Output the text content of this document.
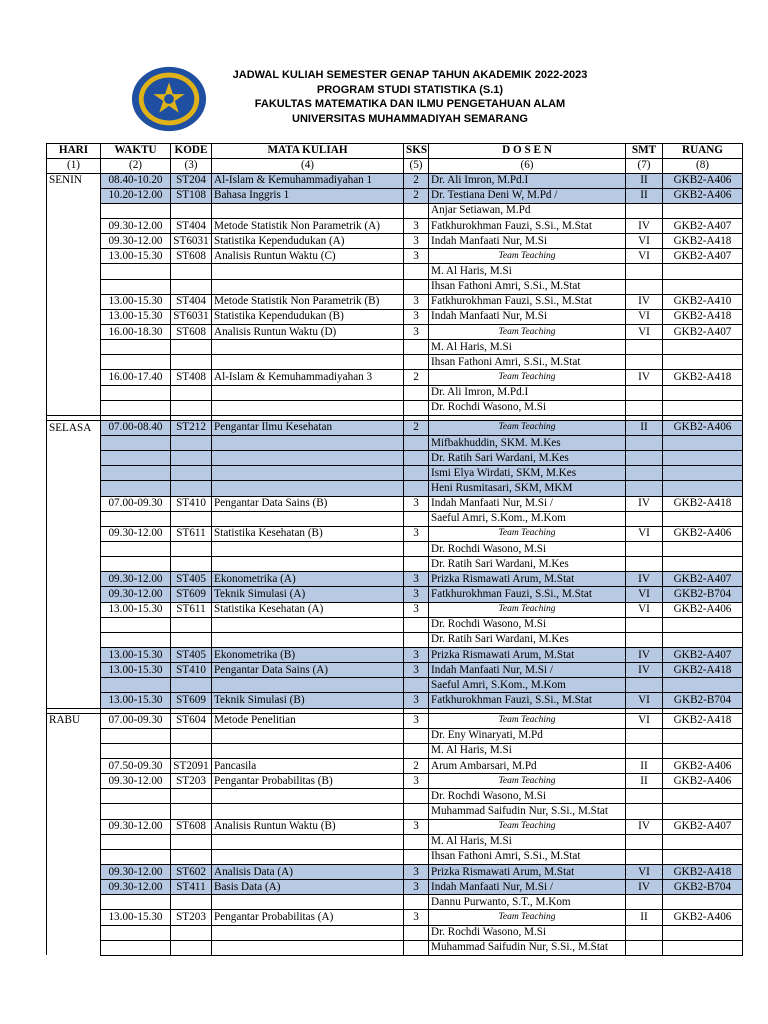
JADWAL KULIAH SEMESTER GENAP TAHUN AKADEMIK 2022-2023
PROGRAM STUDI STATISTIKA (S.1)
FAKULTAS MATEMATIKA DAN ILMU PENGETAHUAN ALAM
UNIVERSITAS MUHAMMADIYAH SEMARANG
HARI	WAKTU	KODE	MATA KULIAH	SKS	D O S E N	SMT	RUANG
(1)	(2)	(3)	(4)	(5)	(6)	(7)	(8)
SENIN	08.40-10.20	ST204	Al-Islam & Kemuhammadiyahan 1	2	Dr. Ali Imron, M.Pd.I	II	GKB2-A406
	10.20-12.00	ST108	Bahasa Inggris 1	2	Dr. Testiana Deni W, M.Pd /	II	GKB2-A406
					Anjar Setiawan, M.Pd		
	09.30-12.00	ST404	Metode Statistik Non Parametrik (A)	3	Fatkhurokhman Fauzi, S.Si., M.Stat	IV	GKB2-A407
	09.30-12.00	ST6031	Statistika Kependudukan (A)	3	Indah Manfaati Nur, M.Si	VI	GKB2-A418
	13.00-15.30	ST608	Analisis Runtun Waktu (C)	3	Team Teaching	VI	GKB2-A407
					M. Al Haris, M.Si		
					Ihsan Fathoni Amri, S.Si., M.Stat		
	13.00-15.30	ST404	Metode Statistik Non Parametrik (B)	3	Fatkhurokhman Fauzi, S.Si., M.Stat	IV	GKB2-A410
	13.00-15.30	ST6031	Statistika Kependudukan (B)	3	Indah Manfaati Nur, M.Si	VI	GKB2-A418
	16.00-18.30	ST608	Analisis Runtun Waktu (D)	3	Team Teaching	VI	GKB2-A407
					M. Al Haris, M.Si		
					Ihsan Fathoni Amri, S.Si., M.Stat		
	16.00-17.40	ST408	Al-Islam & Kemuhammadiyahan 3	2	Team Teaching	IV	GKB2-A418
					Dr. Ali Imron, M.Pd.I		
					Dr. Rochdi Wasono, M.Si		

SELASA	07.00-08.40	ST212	Pengantar Ilmu Kesehatan	2	Team Teaching	II	GKB2-A406
					Mifbakhuddin, SKM. M.Kes		
					Dr. Ratih Sari Wardani, M.Kes		
					Ismi Elya Wirdati, SKM, M.Kes		
					Heni Rusmitasari, SKM, MKM		
	07.00-09.30	ST410	Pengantar Data Sains (B)	3	Indah Manfaati Nur, M.Si /	IV	GKB2-A418
					Saeful Amri, S.Kom., M.Kom		
	09.30-12.00	ST611	Statistika Kesehatan (B)	3	Team Teaching	VI	GKB2-A406
					Dr. Rochdi Wasono, M.Si		
					Dr. Ratih Sari Wardani, M.Kes		
	09.30-12.00	ST405	Ekonometrika (A)	3	Prizka Rismawati Arum, M.Stat	IV	GKB2-A407
	09.30-12.00	ST609	Teknik Simulasi (A)	3	Fatkhurokhman Fauzi, S.Si., M.Stat	VI	GKB2-B704
	13.00-15.30	ST611	Statistika Kesehatan (A)	3	Team Teaching	VI	GKB2-A406
					Dr. Rochdi Wasono, M.Si		
					Dr. Ratih Sari Wardani, M.Kes		
	13.00-15.30	ST405	Ekonometrika (B)	3	Prizka Rismawati Arum, M.Stat	IV	GKB2-A407
	13.00-15.30	ST410	Pengantar Data Sains (A)	3	Indah Manfaati Nur, M.Si /	IV	GKB2-A418
					Saeful Amri, S.Kom., M.Kom		
	13.00-15.30	ST609	Teknik Simulasi (B)	3	Fatkhurokhman Fauzi, S.Si., M.Stat	VI	GKB2-B704

RABU	07.00-09.30	ST604	Metode Penelitian	3	Team Teaching	VI	GKB2-A418
					Dr. Eny Winaryati, M.Pd		
					M. Al Haris, M.Si		
	07.50-09.30	ST2091	Pancasila	2	Arum Ambarsari, M.Pd	II	GKB2-A406
	09.30-12.00	ST203	Pengantar Probabilitas (B)	3	Team Teaching	II	GKB2-A406
					Dr. Rochdi Wasono, M.Si		
					Muhammad Saifudin Nur, S.Si., M.Stat		
	09.30-12.00	ST608	Analisis Runtun Waktu (B)	3	Team Teaching	IV	GKB2-A407
					M. Al Haris, M.Si		
					Ihsan Fathoni Amri, S.Si., M.Stat		
	09.30-12.00	ST602	Analisis Data (A)	3	Prizka Rismawati Arum, M.Stat	VI	GKB2-A418
	09.30-12.00	ST411	Basis Data (A)	3	Indah Manfaati Nur, M.Si /	IV	GKB2-B704
					Dannu Purwanto, S.T., M.Kom		
	13.00-15.30	ST203	Pengantar Probabilitas (A)	3	Team Teaching	II	GKB2-A406
					Dr. Rochdi Wasono, M.Si		
					Muhammad Saifudin Nur, S.Si., M.Stat		
